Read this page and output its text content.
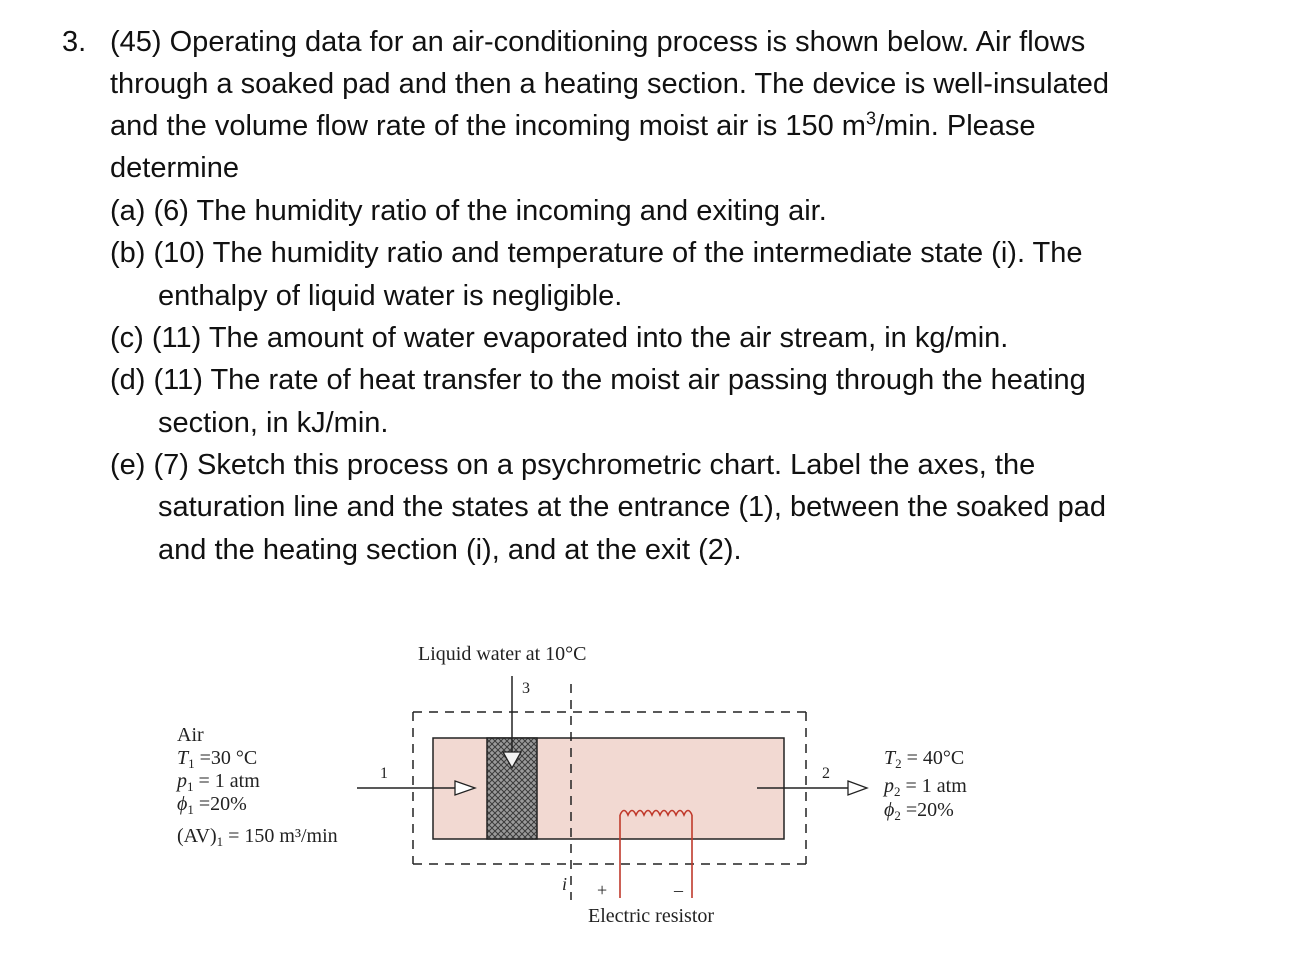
3. (45) Operating data for an air-conditioning process is shown below. Air flows
through a soaked pad and then a heating section. The device is well-insulated
and the volume flow rate of the incoming moist air is 150 $m^3/\min$. Please
determine
(a) (6) The humidity ratio of the incoming and exiting air.
(b) (10) The humidity ratio and temperature of the intermediate state (i). The
enthalpy of liquid water is negligible.
(c) (11) The amount of water evaporated into the air stream, in kg/min.
(d) (11) The rate of heat transfer to the moist air passing through the heating
section, in kJ/min.
(e) (7) Sketch this process on a psychrometric chart. Label the axes, the
saturation line and the states at the entrance (1), between the soaked pad
and the heating section (i), and at the exit (2).
Liquid water at 10°C
3
1	2
i +	–
Electric resistor
Air
$T_1 =30$ °C
$p_1 = 1$ atm
$\phi_1 =20\%$
$(AV)_1 = 150$ m³/min
$T_2 = 40^\circ C$
$p_2 = 1$ atm
$\phi_2 =20\%$
